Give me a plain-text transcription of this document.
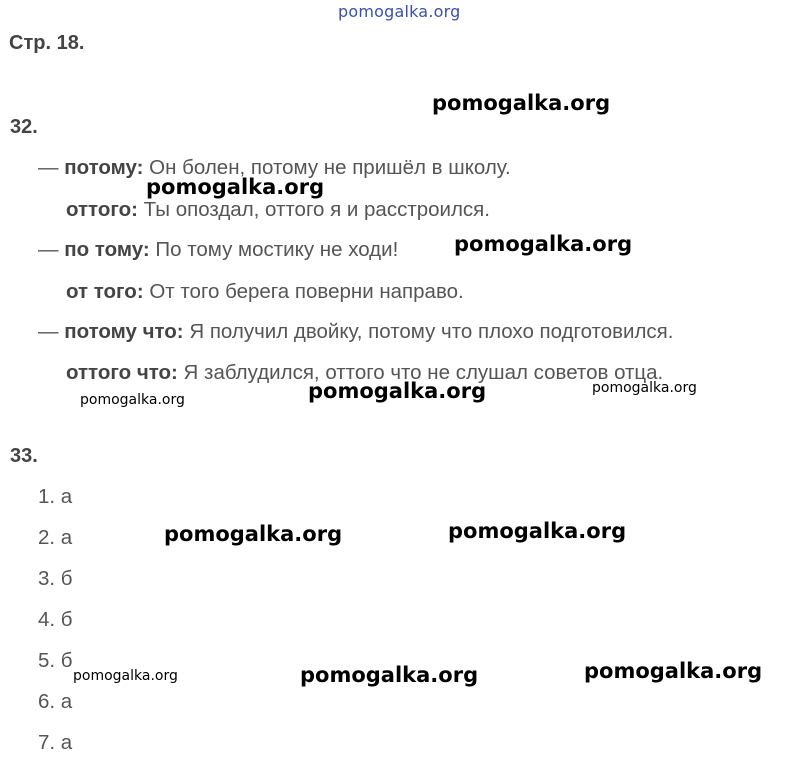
pomogalka.org
Стр. 18.
32.
— потому: Он болен, потому не пришёл в школу.
оттого: Ты опоздал, оттого я и расстроился.
— по тому: По тому мостику не ходи!
от того: От того берега поверни направо.
— потому что: Я получил двойку, потому что плохо подготовился.
оттого что: Я заблудился, оттого что не слушал советов отца.
33.
1. а
2. а
3. б
4. б
5. б
6. а
7. а
pomogalka.org
pomogalka.org
pomogalka.org
pomogalka.org	pomogalka.org	pomogalka.org
pomogalka.org	pomogalka.org
pomogalka.org	pomogalka.org	pomogalka.org
